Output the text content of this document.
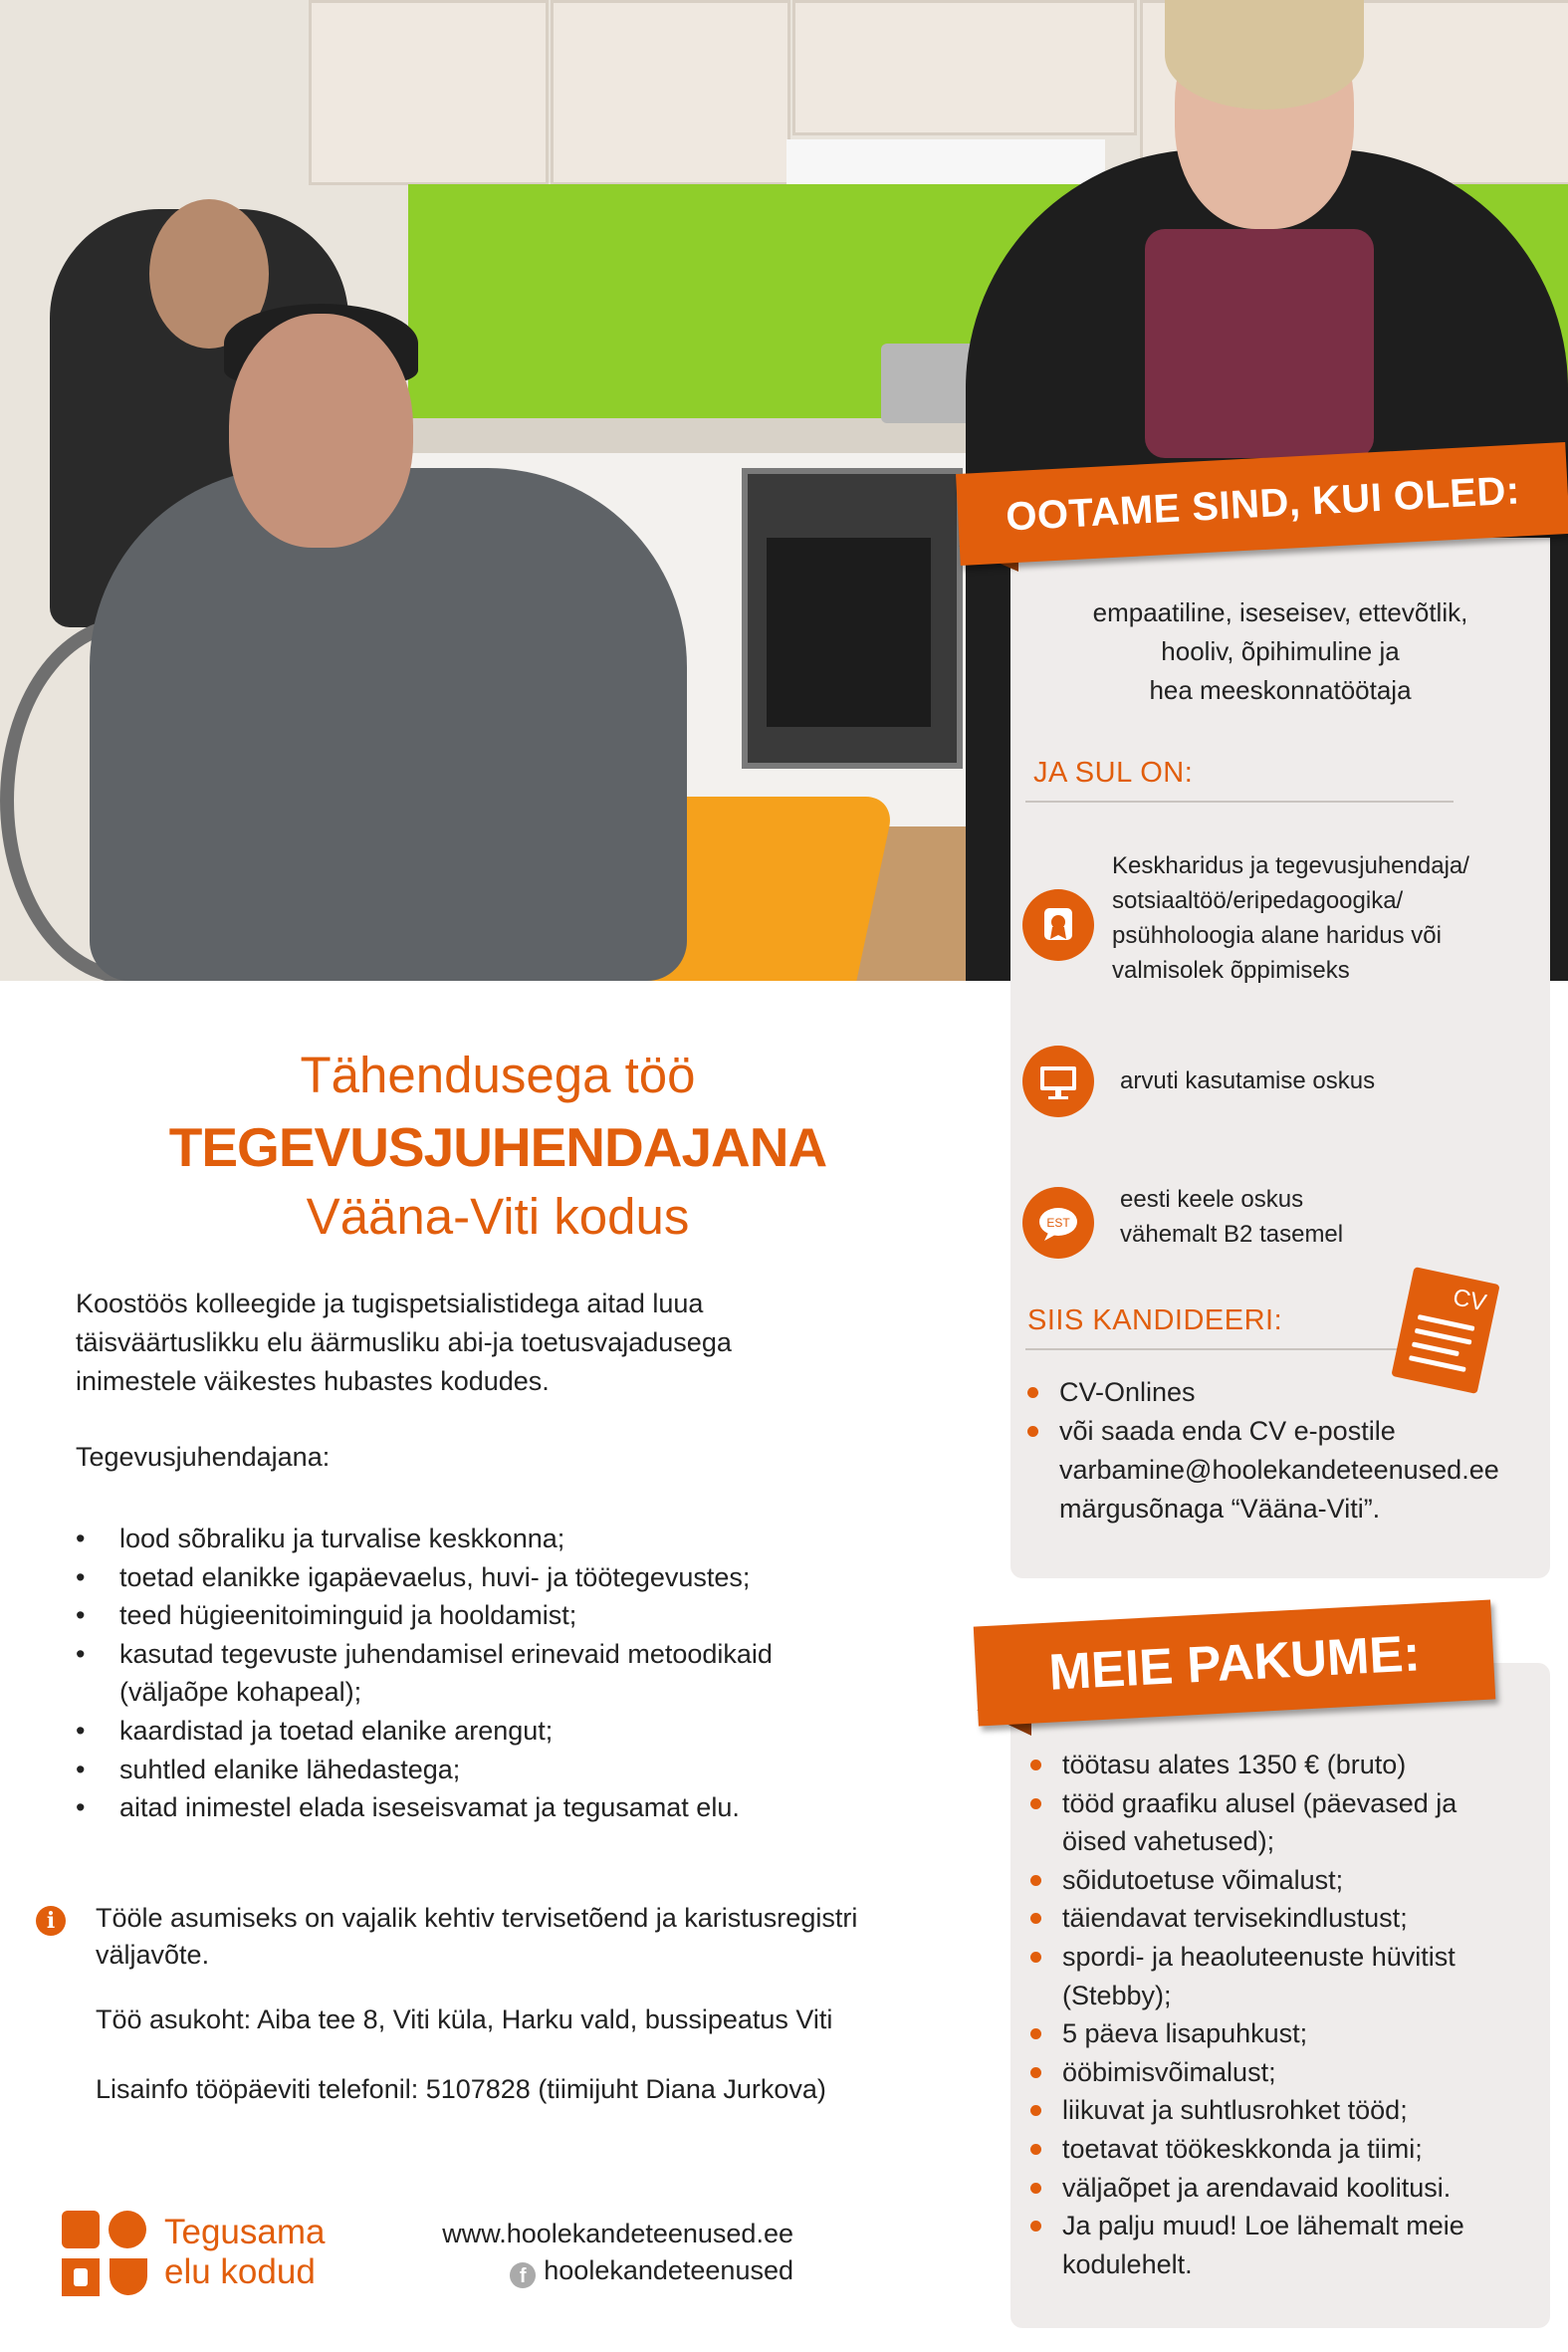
OOTAME SIND, KUI OLED:
empaatiline, iseseisev, ettevõtlik,
hooliv, õpihimuline ja
hea meeskonnatöötaja
JA SUL ON:
Keskharidus ja tegevusjuhendaja/
sotsiaaltöö/eripedagoogika/
psühholoogia alane haridus või
valmisolek õppimiseks
arvuti kasutamise oskus
EST
eesti keele oskus
vähemalt B2 tasemel
SIIS KANDIDEERI:
CV
CV-Onlines
või saada enda CV e-postile
varbamine@hoolekandeteenused.ee
märgusõnaga “Vääna-Viti”.
MEIE PAKUME:
töötasu alates 1350 € (bruto)
tööd graafiku alusel (päevased ja
öised vahetused);
sõidutoetuse võimalust;
täiendavat tervisekindlustust;
spordi- ja heaoluteenuste hüvitist
(Stebby);
5 päeva lisapuhkust;
ööbimisvõimalust;
liikuvat ja suhtlusrohket tööd;
toetavat töökeskkonda ja tiimi;
väljaõpet ja arendavaid koolitusi.
Ja palju muud! Loe lähemalt meie
kodulehelt.
Tähendusega töö
TEGEVUSJUHENDAJANA
Vääna-Viti kodus
Koostöös kolleegide ja tugispetsialistidega aitad luua
täisväärtuslikku elu äärmusliku abi-ja toetusvajadusega
inimestele väikestes hubastes kodudes.
Tegevusjuhendajana:
• lood sõbraliku ja turvalise keskkonna;
• toetad elanikke igapäevaelus, huvi- ja töötegevustes;
• teed hügieenitoiminguid ja hooldamist;
• kasutad tegevuste juhendamisel erinevaid metoodikaid
(väljaõpe kohapeal);
• kaardistad ja toetad elanike arengut;
• suhtled elanike lähedastega;
• aitad inimestel elada iseseisvamat ja tegusamat elu.
i	Tööle asumiseks on vajalik kehtiv tervisetõend ja karistusregistri
väljavõte.
Töö asukoht: Aiba tee 8, Viti küla, Harku vald, bussipeatus Viti
Lisainfo tööpäeviti telefonil: 5107828 (tiimijuht Diana Jurkova)
Tegusama
elu kodud
www.hoolekandeteenused.ee
f hoolekandeteenused
